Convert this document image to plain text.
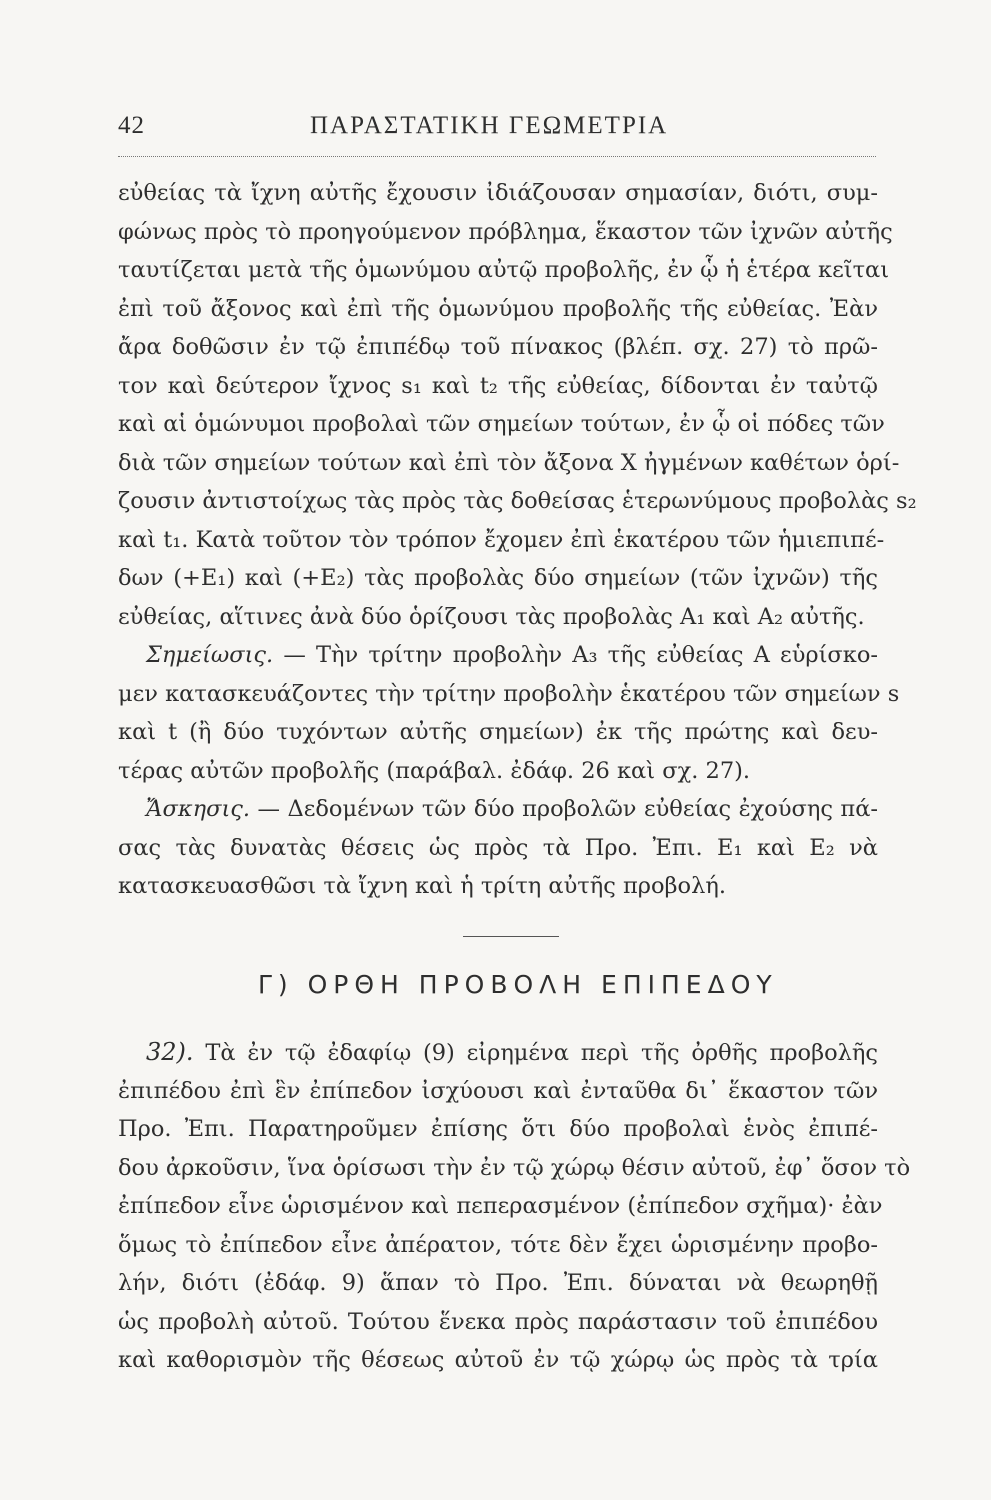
42	ΠΑΡΑΣΤΑΤΙΚΗ ΓΕΩΜΕΤΡΙΑ
εὐθείας τὰ ἴχνη αὐτῆς ἔχουσιν ἰδιάζουσαν σημασίαν, διότι, συμ-
φώνως πρὸς τὸ προηγούμενον πρόβλημα, ἕκαστον τῶν ἰχνῶν αὐτῆς
ταυτίζεται μετὰ τῆς ὁμωνύμου αὐτῷ προβολῆς, ἐν ᾧ ἡ ἑτέρα κεῖται
ἐπὶ τοῦ ἄξονος καὶ ἐπὶ τῆς ὁμωνύμου προβολῆς τῆς εὐθείας. Ἐὰν
ἄρα δοθῶσιν ἐν τῷ ἐπιπέδῳ τοῦ πίνακος (βλέπ. σχ. 27) τὸ πρῶ-
τον καὶ δεύτερον ἴχνος s₁ καὶ t₂ τῆς εὐθείας, δίδονται ἐν ταὐτῷ
καὶ αἱ ὁμώνυμοι προβολαὶ τῶν σημείων τούτων, ἐν ᾧ οἱ πόδες τῶν
διὰ τῶν σημείων τούτων καὶ ἐπὶ τὸν ἄξονα X ἠγμένων καθέτων ὁρί-
ζουσιν ἀντιστοίχως τὰς πρὸς τὰς δοθείσας ἑτερωνύμους προβολὰς s₂
καὶ t₁. Κατὰ τοῦτον τὸν τρόπον ἔχομεν ἐπὶ ἑκατέρου τῶν ἡμιεπιπέ-
δων (+E₁) καὶ (+E₂) τὰς προβολὰς δύο σημείων (τῶν ἰχνῶν) τῆς
εὐθείας, αἵτινες ἀνὰ δύο ὁρίζουσι τὰς προβολὰς A₁ καὶ A₂ αὐτῆς.
Σημείωσις. — Τὴν τρίτην προβολὴν A₃ τῆς εὐθείας A εὑρίσκο-
μεν κατασκευάζοντες τὴν τρίτην προβολὴν ἑκατέρου τῶν σημείων s
καὶ t (ἢ δύο τυχόντων αὐτῆς σημείων) ἐκ τῆς πρώτης καὶ δευ-
τέρας αὐτῶν προβολῆς (παράβαλ. ἐδάφ. 26 καὶ σχ. 27).
Ἄσκησις. — Δεδομένων τῶν δύο προβολῶν εὐθείας ἐχούσης πά-
σας τὰς δυνατὰς θέσεις ὡς πρὸς τὰ Προ. Ἐπι. E₁ καὶ E₂ νὰ
κατασκευασθῶσι τὰ ἴχνη καὶ ἡ τρίτη αὐτῆς προβολή.
Γ) ΟΡΘΗ ΠΡΟΒΟΛΗ ΕΠΙΠΕΔΟΥ
32). Τὰ ἐν τῷ ἐδαφίῳ (9) εἰρημένα περὶ τῆς ὀρθῆς προβολῆς
ἐπιπέδου ἐπὶ ἓν ἐπίπεδον ἰσχύουσι καὶ ἐνταῦθα δι᾽ ἕκαστον τῶν
Προ. Ἐπι. Παρατηροῦμεν ἐπίσης ὅτι δύο προβολαὶ ἑνὸς ἐπιπέ-
δου ἀρκοῦσιν, ἵνα ὁρίσωσι τὴν ἐν τῷ χώρῳ θέσιν αὐτοῦ, ἐφ᾽ ὅσον τὸ
ἐπίπεδον εἶνε ὡρισμένον καὶ πεπερασμένον (ἐπίπεδον σχῆμα)· ἐὰν
ὅμως τὸ ἐπίπεδον εἶνε ἀπέρατον, τότε δὲν ἔχει ὡρισμένην προβο-
λήν, διότι (ἐδάφ. 9) ἅπαν τὸ Προ. Ἐπι. δύναται νὰ θεωρηθῇ
ὡς προβολὴ αὐτοῦ. Τούτου ἕνεκα πρὸς παράστασιν τοῦ ἐπιπέδου
καὶ καθορισμὸν τῆς θέσεως αὐτοῦ ἐν τῷ χώρῳ ὡς πρὸς τὰ τρία
